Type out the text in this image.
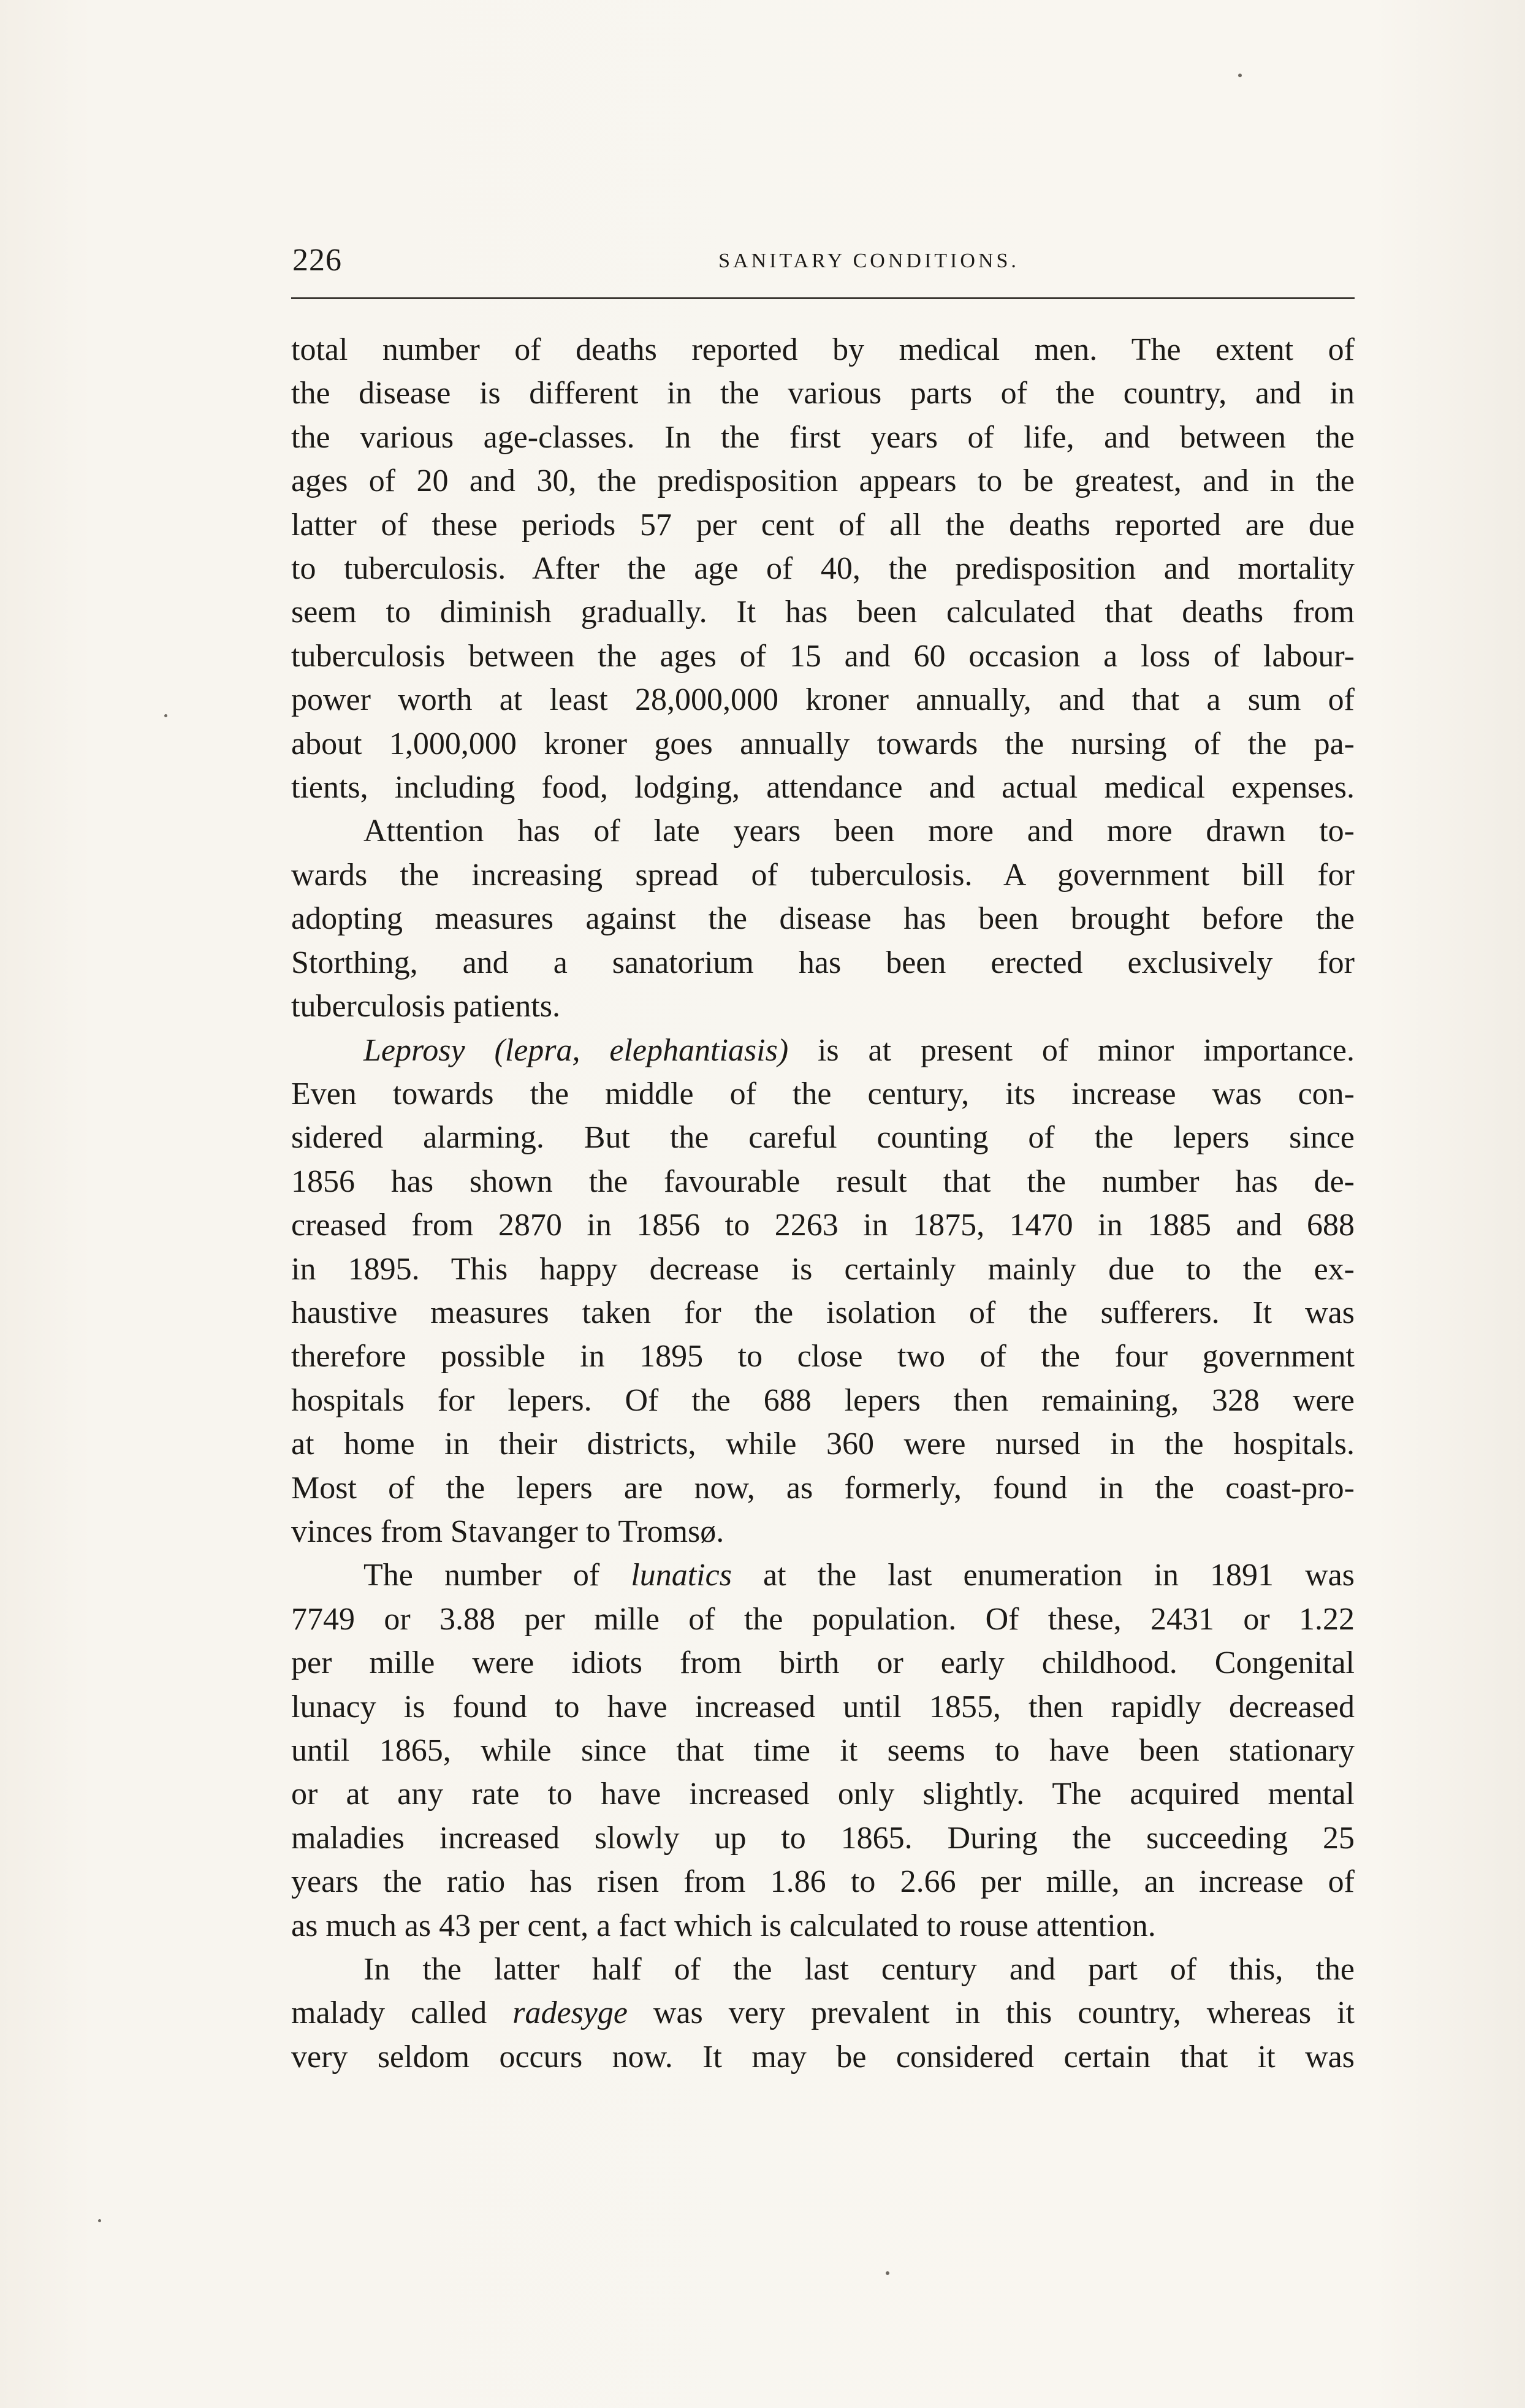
226	SANITARY CONDITIONS.
total number of deaths reported by medical men. The extent of
the disease is different in the various parts of the country, and in
the various age-classes. In the first years of life, and between the
ages of 20 and 30, the predisposition appears to be greatest, and in the
latter of these periods 57 per cent of all the deaths reported are due
to tuberculosis. After the age of 40, the predisposition and mortality
seem to diminish gradually. It has been calculated that deaths from
tuberculosis between the ages of 15 and 60 occasion a loss of labour-
power worth at least 28,000,000 kroner annually, and that a sum of
about 1,000,000 kroner goes annually towards the nursing of the pa-
tients, including food, lodging, attendance and actual medical expenses.
Attention has of late years been more and more drawn to-
wards the increasing spread of tuberculosis. A government bill for
adopting measures against the disease has been brought before the
Storthing, and a sanatorium has been erected exclusively for
tuberculosis patients.
Leprosy (lepra, elephantiasis) is at present of minor importance.
Even towards the middle of the century, its increase was con-
sidered alarming. But the careful counting of the lepers since
1856 has shown the favourable result that the number has de-
creased from 2870 in 1856 to 2263 in 1875, 1470 in 1885 and 688
in 1895. This happy decrease is certainly mainly due to the ex-
haustive measures taken for the isolation of the sufferers. It was
therefore possible in 1895 to close two of the four government
hospitals for lepers. Of the 688 lepers then remaining, 328 were
at home in their districts, while 360 were nursed in the hospitals.
Most of the lepers are now, as formerly, found in the coast-pro-
vinces from Stavanger to Tromsø.
The number of lunatics at the last enumeration in 1891 was
7749 or 3.88 per mille of the population. Of these, 2431 or 1.22
per mille were idiots from birth or early childhood. Congenital
lunacy is found to have increased until 1855, then rapidly decreased
until 1865, while since that time it seems to have been stationary
or at any rate to have increased only slightly. The acquired mental
maladies increased slowly up to 1865. During the succeeding 25
years the ratio has risen from 1.86 to 2.66 per mille, an increase of
as much as 43 per cent, a fact which is calculated to rouse attention.
In the latter half of the last century and part of this, the
malady called radesyge was very prevalent in this country, whereas it
very seldom occurs now. It may be considered certain that it was
